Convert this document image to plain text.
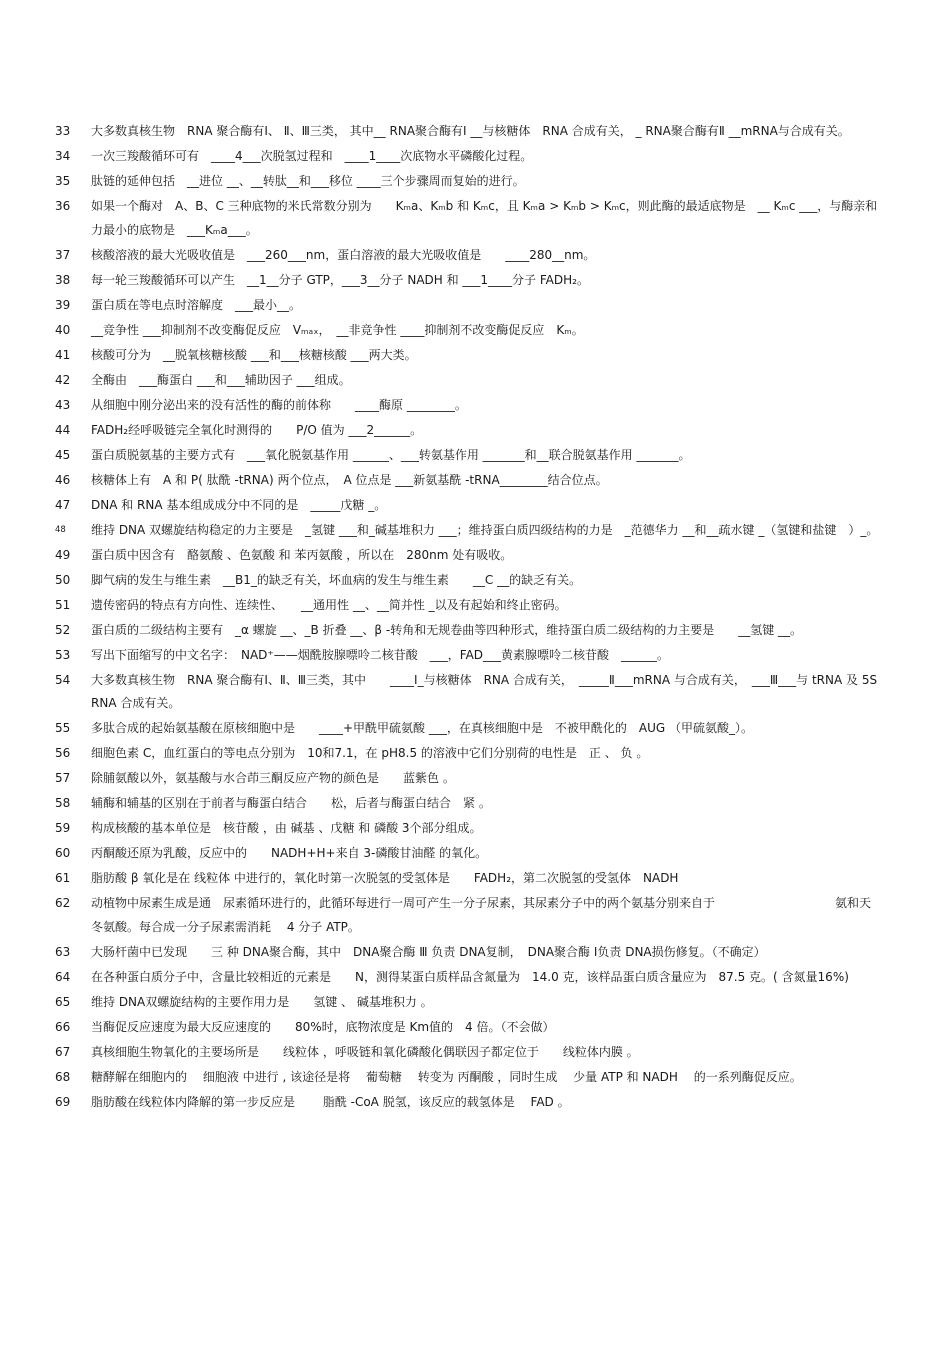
33	大多数真核生物　RNA 聚合酶有Ⅰ、 Ⅱ、Ⅲ三类， 其中__ RNA聚合酶有Ⅰ __与核糖体　RNA 合成有关， _ RNA聚合酶有Ⅱ __mRNA与合成有关。
34	一次三羧酸循环可有　____4___次脱氢过程和　____1____次底物水平磷酸化过程。
35	肽链的延伸包括　__进位 __、__转肽__和___移位 ____三个步骤周而复始的进行。
36	如果一个酶对　A、B、C 三种底物的米氏常数分别为　　Kₘa、Kₘb 和 Kₘc，且 Kₘa > Kₘb > Kₘc，则此酶的最适底物是　__ Kₘc ___，与酶亲和力最小的底物是　___Kₘa___。
37	核酸溶液的最大光吸收值是　___260___nm，蛋白溶液的最大光吸收值是　　____280__nm。
38	每一轮三羧酸循环可以产生　__1__分子 GTP，___3__分子 NADH 和 ___1____分子 FADH₂。
39	蛋白质在等电点时溶解度　___最小__。
40	__竞争性 ___抑制剂不改变酶促反应　Vₘₐₓ，　__非竞争性 ____抑制剂不改变酶促反应　Kₘ。
41	核酸可分为　__脱氧核糖核酸 ___和___核糖核酸 ___两大类。
42	全酶由　___酶蛋白 ___和___辅助因子 ___组成。
43	从细胞中刚分泌出来的没有活性的酶的前体称　　____酶原 ________。
44	FADH₂经呼吸链完全氧化时测得的　　P/O 值为 ___2______。
45	蛋白质脱氨基的主要方式有　___氧化脱氨基作用 ______、___转氨基作用 _______和__联合脱氨基作用 _______。
46	核糖体上有　A 和 P( 肽酰 -tRNA) 两个位点，　A 位点是 ___新氨基酰 -tRNA________结合位点。
47	DNA 和 RNA 基本组成成分中不同的是　_____戊糖 _。
48	维持 DNA 双螺旋结构稳定的力主要是　_氢键 ___和_碱基堆积力 ___；维持蛋白质四级结构的力是　_范德华力 __和__疏水键 _（氢键和盐键　）_。
49	蛋白质中因含有　酪氨酸 、色氨酸 和 苯丙氨酸 ，所以在　280nm 处有吸收。
50	脚气病的发生与维生素　__B1_的缺乏有关，坏血病的发生与维生素　　__C __的缺乏有关。
51	遗传密码的特点有方向性、连续性、　　__通用性 __、__简并性 _以及有起始和终止密码。
52	蛋白质的二级结构主要有　_α 螺旋 __、_B 折叠 __、β -转角和无规卷曲等四种形式，维持蛋白质二级结构的力主要是　　__氢键 __。
53	写出下面缩写的中文名字：　NAD⁺——烟酰胺腺嘌呤二核苷酸　___，FAD___黄素腺嘌呤二核苷酸　______。
54	大多数真核生物　RNA 聚合酶有Ⅰ、Ⅱ、Ⅲ三类，其中　　____Ⅰ_与核糖体　RNA 合成有关，　_____Ⅱ___mRNA 与合成有关，　___Ⅲ___与 tRNA 及 5SRNA 合成有关。
55	多肽合成的起始氨基酸在原核细胞中是　　____+甲酰甲硫氨酸 ___，在真核细胞中是　不被甲酰化的　AUG （甲硫氨酸_）。
56	细胞色素 C，血红蛋白的等电点分别为　10和7.1，在 pH8.5 的溶液中它们分别荷的电性是　正 、 负 。
57	除脯氨酸以外，氨基酸与水合茚三酮反应产物的颜色是　　蓝紫色 。
58	辅酶和辅基的区别在于前者与酶蛋白结合　　松，后者与酶蛋白结合　紧 。
59	构成核酸的基本单位是　核苷酸 ，由 碱基 、戊糖 和 磷酸 3个部分组成。
60	丙酮酸还原为乳酸，反应中的　　NADH+H+来自 3-磷酸甘油醛 的氧化。
61	脂肪酸 β 氧化是在 线粒体 中进行的，氧化时第一次脱氢的受氢体是　　FADH₂，第二次脱氢的受氢体　NADH
62	动植物中尿素生成是通　尿素循环进行的，此循环每进行一周可产生一分子尿素，其尿素分子中的两个氨基分别来自于　　　　　　　　　　氨和天冬氨酸。每合成一分子尿素需消耗　 4 分子 ATP。
63	大肠杆菌中已发现　　三 种 DNA聚合酶，其中　DNA聚合酶 Ⅲ 负责 DNA复制，　DNA聚合酶 Ⅰ负责 DNA损伤修复。（不确定）
64	在各种蛋白质分子中，含量比较相近的元素是　　N，测得某蛋白质样品含氮量为　14.0 克，该样品蛋白质含量应为　87.5 克。( 含氮量16%)
65	维持 DNA双螺旋结构的主要作用力是　　氢键 、 碱基堆积力 。
66	当酶促反应速度为最大反应速度的　　80%时，底物浓度是 Km值的　4 倍。（不会做）
67	真核细胞生物氧化的主要场所是　　线粒体 ，呼吸链和氧化磷酸化偶联因子都定位于　　线粒体内膜 。
68	糖酵解在细胞内的　 细胞液 中进行 , 该途径是将　 葡萄糖 　转变为 丙酮酸 ，同时生成　 少量 ATP 和 NADH　 的一系列酶促反应。
69	脂肪酸在线粒体内降解的第一步反应是　　 脂酰 -CoA 脱氢，该反应的载氢体是　 FAD 。
